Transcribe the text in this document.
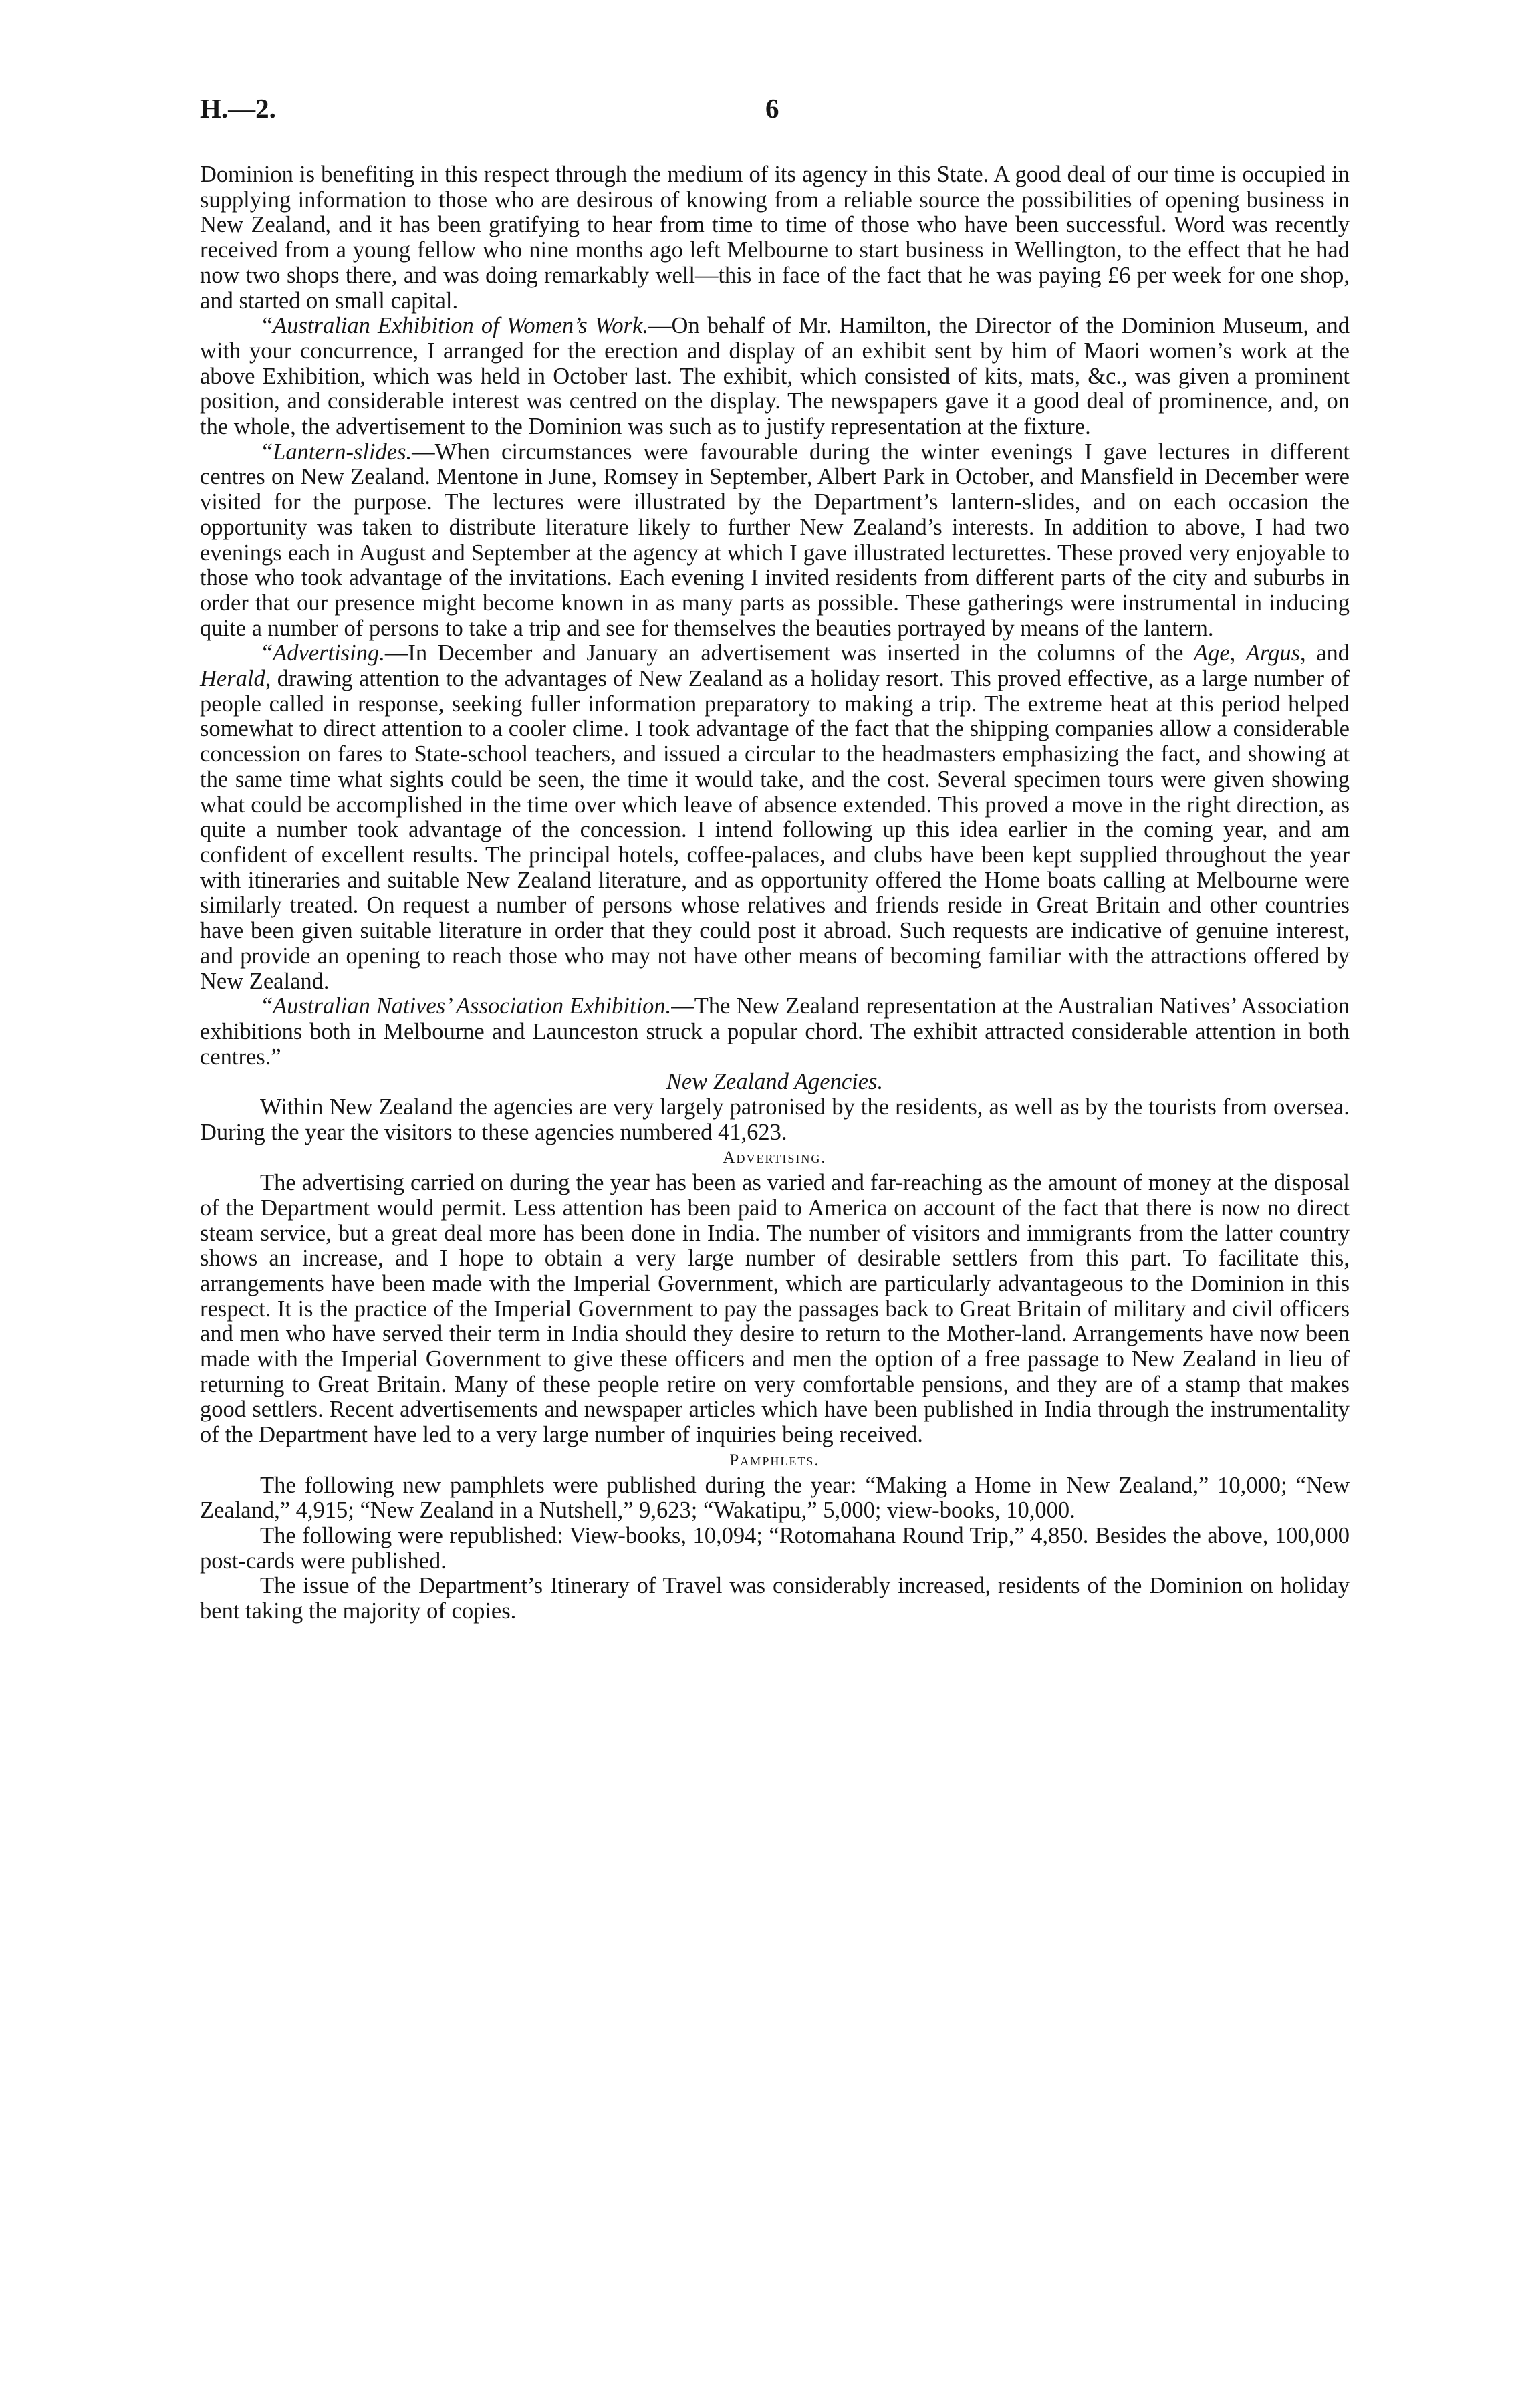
H.—2.	6

Dominion is benefiting in this respect through the medium of its agency in this State. A good deal of our time is occupied in supplying information to those who are desirous of knowing from a reliable source the possibilities of opening business in New Zealand, and it has been gratifying to hear from time to time of those who have been successful. Word was recently received from a young fellow who nine months ago left Melbourne to start business in Wellington, to the effect that he had now two shops there, and was doing remarkably well—this in face of the fact that he was paying £6 per week for one shop, and started on small capital.

“Australian Exhibition of Women’s Work.—On behalf of Mr. Hamilton, the Director of the Dominion Museum, and with your concurrence, I arranged for the erection and display of an exhibit sent by him of Maori women’s work at the above Exhibition, which was held in October last. The exhibit, which consisted of kits, mats, &c., was given a prominent position, and considerable interest was centred on the display. The newspapers gave it a good deal of prominence, and, on the whole, the advertisement to the Dominion was such as to justify representation at the fixture.

“Lantern-slides.—When circumstances were favourable during the winter evenings I gave lectures in different centres on New Zealand. Mentone in June, Romsey in September, Albert Park in October, and Mansfield in December were visited for the purpose. The lectures were illustrated by the Department’s lantern-slides, and on each occasion the opportunity was taken to distribute literature likely to further New Zealand’s interests. In addition to above, I had two evenings each in August and September at the agency at which I gave illustrated lecturettes. These proved very enjoyable to those who took advantage of the invitations. Each evening I invited residents from different parts of the city and suburbs in order that our presence might become known in as many parts as possible. These gatherings were instrumental in inducing quite a number of persons to take a trip and see for themselves the beauties portrayed by means of the lantern.

“Advertising.—In December and January an advertisement was inserted in the columns of the Age, Argus, and Herald, drawing attention to the advantages of New Zealand as a holiday resort. This proved effective, as a large number of people called in response, seeking fuller information preparatory to making a trip. The extreme heat at this period helped somewhat to direct attention to a cooler clime. I took advantage of the fact that the shipping companies allow a considerable concession on fares to State-school teachers, and issued a circular to the headmasters emphasizing the fact, and showing at the same time what sights could be seen, the time it would take, and the cost. Several specimen tours were given showing what could be accomplished in the time over which leave of absence extended. This proved a move in the right direction, as quite a number took advantage of the concession. I intend following up this idea earlier in the coming year, and am confident of excellent results. The principal hotels, coffee-palaces, and clubs have been kept supplied throughout the year with itineraries and suitable New Zealand literature, and as opportunity offered the Home boats calling at Melbourne were similarly treated. On request a number of persons whose relatives and friends reside in Great Britain and other countries have been given suitable literature in order that they could post it abroad. Such requests are indicative of genuine interest, and provide an opening to reach those who may not have other means of becoming familiar with the attractions offered by New Zealand.

“Australian Natives’ Association Exhibition.—The New Zealand representation at the Australian Natives’ Association exhibitions both in Melbourne and Launceston struck a popular chord. The exhibit attracted considerable attention in both centres.”

New Zealand Agencies.

Within New Zealand the agencies are very largely patronised by the residents, as well as by the tourists from oversea. During the year the visitors to these agencies numbered 41,623.

Advertising.

The advertising carried on during the year has been as varied and far-reaching as the amount of money at the disposal of the Department would permit. Less attention has been paid to America on account of the fact that there is now no direct steam service, but a great deal more has been done in India. The number of visitors and immigrants from the latter country shows an increase, and I hope to obtain a very large number of desirable settlers from this part. To facilitate this, arrangements have been made with the Imperial Government, which are particularly advantageous to the Dominion in this respect. It is the practice of the Imperial Government to pay the passages back to Great Britain of military and civil officers and men who have served their term in India should they desire to return to the Mother-land. Arrangements have now been made with the Imperial Government to give these officers and men the option of a free passage to New Zealand in lieu of returning to Great Britain. Many of these people retire on very comfortable pensions, and they are of a stamp that makes good settlers. Recent advertisements and newspaper articles which have been published in India through the instrumentality of the Department have led to a very large number of inquiries being received.

Pamphlets.

The following new pamphlets were published during the year: “Making a Home in New Zealand,” 10,000; “New Zealand,” 4,915; “New Zealand in a Nutshell,” 9,623; “Wakatipu,” 5,000; view-books, 10,000.

The following were republished: View-books, 10,094; “Rotomahana Round Trip,” 4,850. Besides the above, 100,000 post-cards were published.

The issue of the Department’s Itinerary of Travel was considerably increased, residents of the Dominion on holiday bent taking the majority of copies.
